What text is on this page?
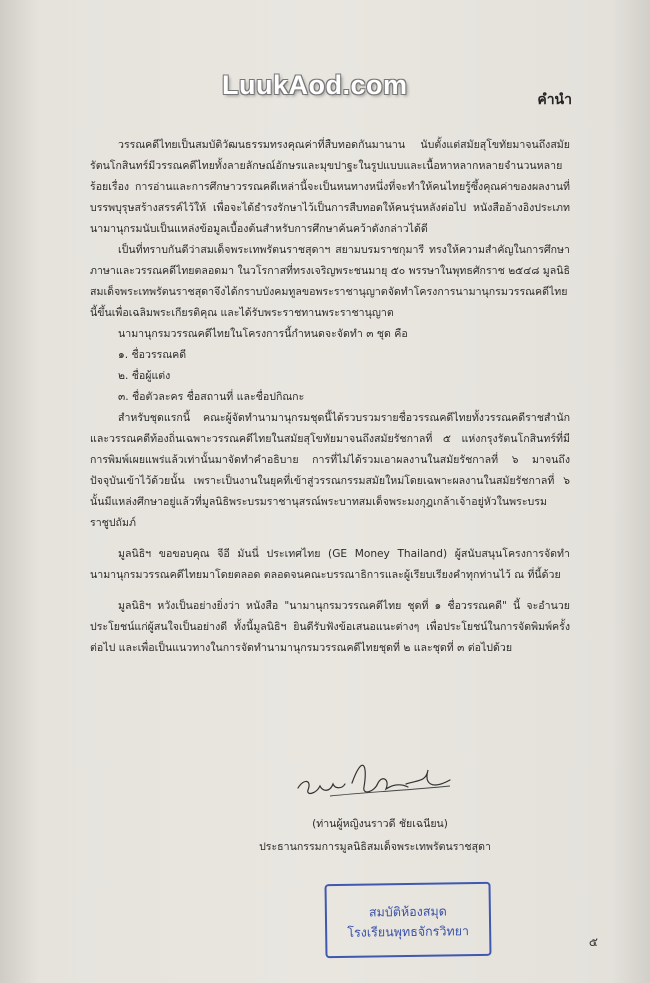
LuukAod.com	คำนำ

วรรณคดีไทยเป็นสมบัติวัฒนธรรมทรงคุณค่าที่สืบทอดกันมานาน นับตั้งแต่สมัยสุโขทัยมาจนถึงสมัยรัตนโกสินทร์มีวรรณคดีไทยทั้งลายลักษณ์อักษรและมุขปาฐะในรูปแบบและเนื้อหาหลากหลายจำนวนหลายร้อยเรื่อง การอ่านและการศึกษาวรรณคดีเหล่านี้จะเป็นหนทางหนึ่งที่จะทำให้คนไทยรู้ซึ้งคุณค่าของผลงานที่บรรพบุรุษสร้างสรรค์ไว้ให้ เพื่อจะได้ธำรงรักษาไว้เป็นการสืบทอดให้คนรุ่นหลังต่อไป หนังสืออ้างอิงประเภทนามานุกรมนับเป็นแหล่งข้อมูลเบื้องต้นสำหรับการศึกษาค้นคว้าดังกล่าวได้ดี

เป็นที่ทราบกันดีว่าสมเด็จพระเทพรัตนราชสุดาฯ สยามบรมราชกุมารี ทรงให้ความสำคัญในการศึกษาภาษาและวรรณคดีไทยตลอดมา ในวโรกาสที่ทรงเจริญพระชนมายุ ๕๐ พรรษาในพุทธศักราช ๒๕๔๘ มูลนิธิสมเด็จพระเทพรัตนราชสุดาจึงได้กราบบังคมทูลขอพระราชานุญาตจัดทำโครงการนามานุกรมวรรณคดีไทยนี้ขึ้นเพื่อเฉลิมพระเกียรติคุณ และได้รับพระราชทานพระราชานุญาต

นามานุกรมวรรณคดีไทยในโครงการนี้กำหนดจะจัดทำ ๓ ชุด คือ

๑. ชื่อวรรณคดี

๒. ชื่อผู้แต่ง

๓. ชื่อตัวละคร ชื่อสถานที่ และชื่อปกิณกะ

สำหรับชุดแรกนี้ คณะผู้จัดทำนามานุกรมชุดนี้ได้รวบรวมรายชื่อวรรณคดีไทยทั้งวรรณคดีราชสำนักและวรรณคดีท้องถิ่นเฉพาะวรรณคดีไทยในสมัยสุโขทัยมาจนถึงสมัยรัชกาลที่ ๕ แห่งกรุงรัตนโกสินทร์ที่มีการพิมพ์เผยแพร่แล้วเท่านั้นมาจัดทำคำอธิบาย การที่ไม่ได้รวมเอาผลงานในสมัยรัชกาลที่ ๖ มาจนถึงปัจจุบันเข้าไว้ด้วยนั้น เพราะเป็นงานในยุคที่เข้าสู่วรรณกรรมสมัยใหม่โดยเฉพาะผลงานในสมัยรัชกาลที่ ๖ นั้นมีแหล่งศึกษาอยู่แล้วที่มูลนิธิพระบรมราชานุสรณ์พระบาทสมเด็จพระมงกุฎเกล้าเจ้าอยู่หัวในพระบรมราชูปถัมภ์

มูลนิธิฯ ขอขอบคุณ จีอี มันนี่ ประเทศไทย (GE Money Thailand) ผู้สนับสนุนโครงการจัดทำนามานุกรมวรรณคดีไทยมาโดยตลอด ตลอดจนคณะบรรณาธิการและผู้เรียบเรียงคำทุกท่านไว้ ณ ที่นี้ด้วย

มูลนิธิฯ หวังเป็นอย่างยิ่งว่า หนังสือ "นามานุกรมวรรณคดีไทย ชุดที่ ๑ ชื่อวรรณคดี" นี้ จะอำนวยประโยชน์แก่ผู้สนใจเป็นอย่างดี ทั้งนี้มูลนิธิฯ ยินดีรับฟังข้อเสนอแนะต่างๆ เพื่อประโยชน์ในการจัดพิมพ์ครั้งต่อไป และเพื่อเป็นแนวทางในการจัดทำนามานุกรมวรรณคดีไทยชุดที่ ๒ และชุดที่ ๓ ต่อไปด้วย

(ท่านผู้หญิงนราวดี ชัยเฉนียน)
ประธานกรรมการมูลนิธิสมเด็จพระเทพรัตนราชสุดา
สมบัติห้องสมุด
โรงเรียนพุทธจักรวิทยา
๕
